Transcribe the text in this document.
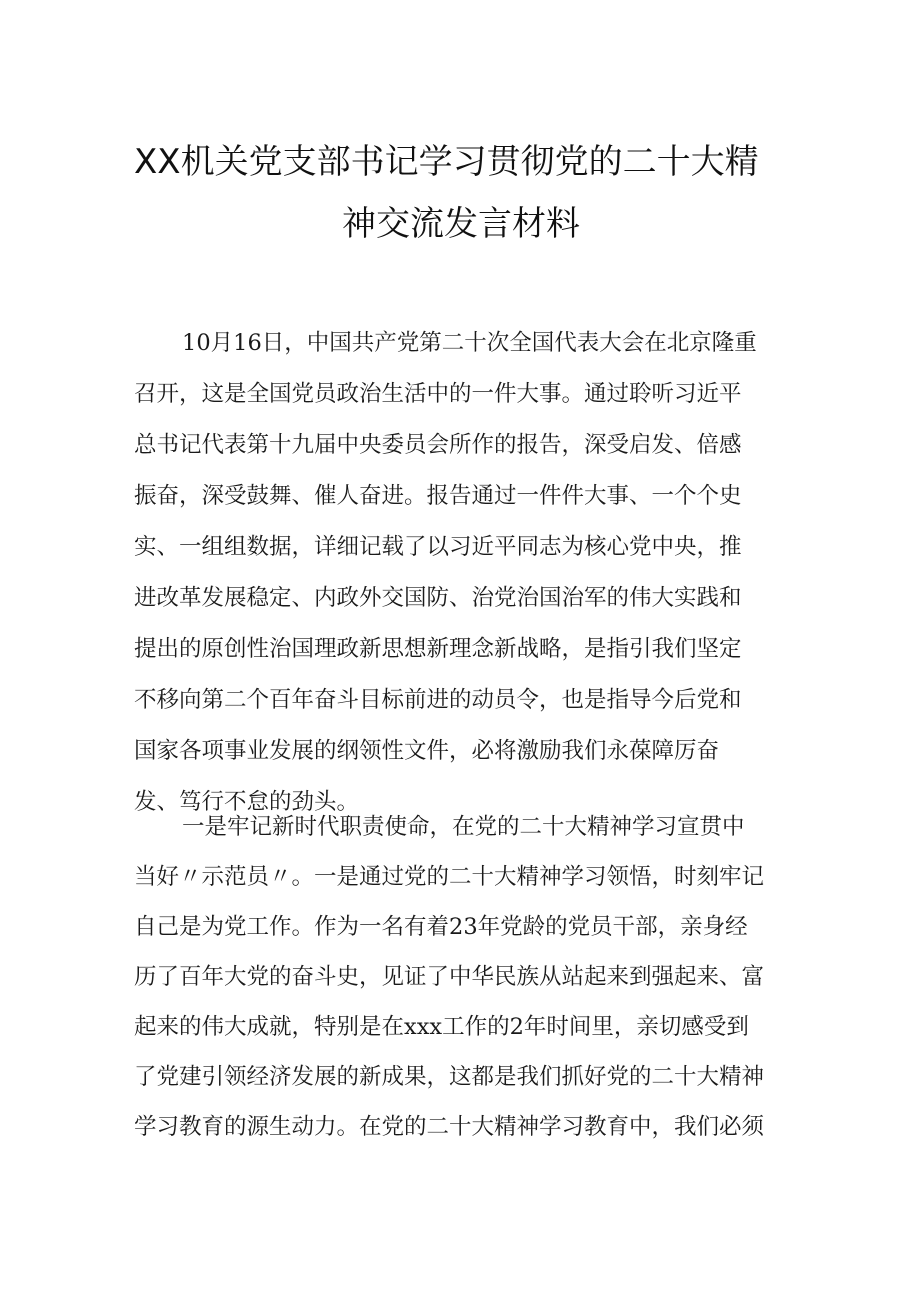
XX机关党支部书记学习贯彻党的二十大精
神交流发言材料
10月16日，中国共产党第二十次全国代表大会在北京隆重
召开，这是全国党员政治生活中的一件大事。通过聆听习近平
总书记代表第十九届中央委员会所作的报告，深受启发、倍感
振奋，深受鼓舞、催人奋进。报告通过一件件大事、一个个史
实、一组组数据，详细记载了以习近平同志为核心党中央，推
进改革发展稳定、内政外交国防、治党治国治军的伟大实践和
提出的原创性治国理政新思想新理念新战略，是指引我们坚定
不移向第二个百年奋斗目标前进的动员令，也是指导今后党和
国家各项事业发展的纲领性文件，必将激励我们永葆障厉奋
发、笃行不怠的劲头。
一是牢记新时代职责使命，在党的二十大精神学习宣贯中
当好〃示范员〃。一是通过党的二十大精神学习领悟，时刻牢记
自己是为党工作。作为一名有着23年党龄的党员干部，亲身经
历了百年大党的奋斗史，见证了中华民族从站起来到强起来、富
起来的伟大成就，特别是在xxx工作的2年时间里，亲切感受到
了党建引领经济发展的新成果，这都是我们抓好党的二十大精神
学习教育的源生动力。在党的二十大精神学习教育中，我们必须
